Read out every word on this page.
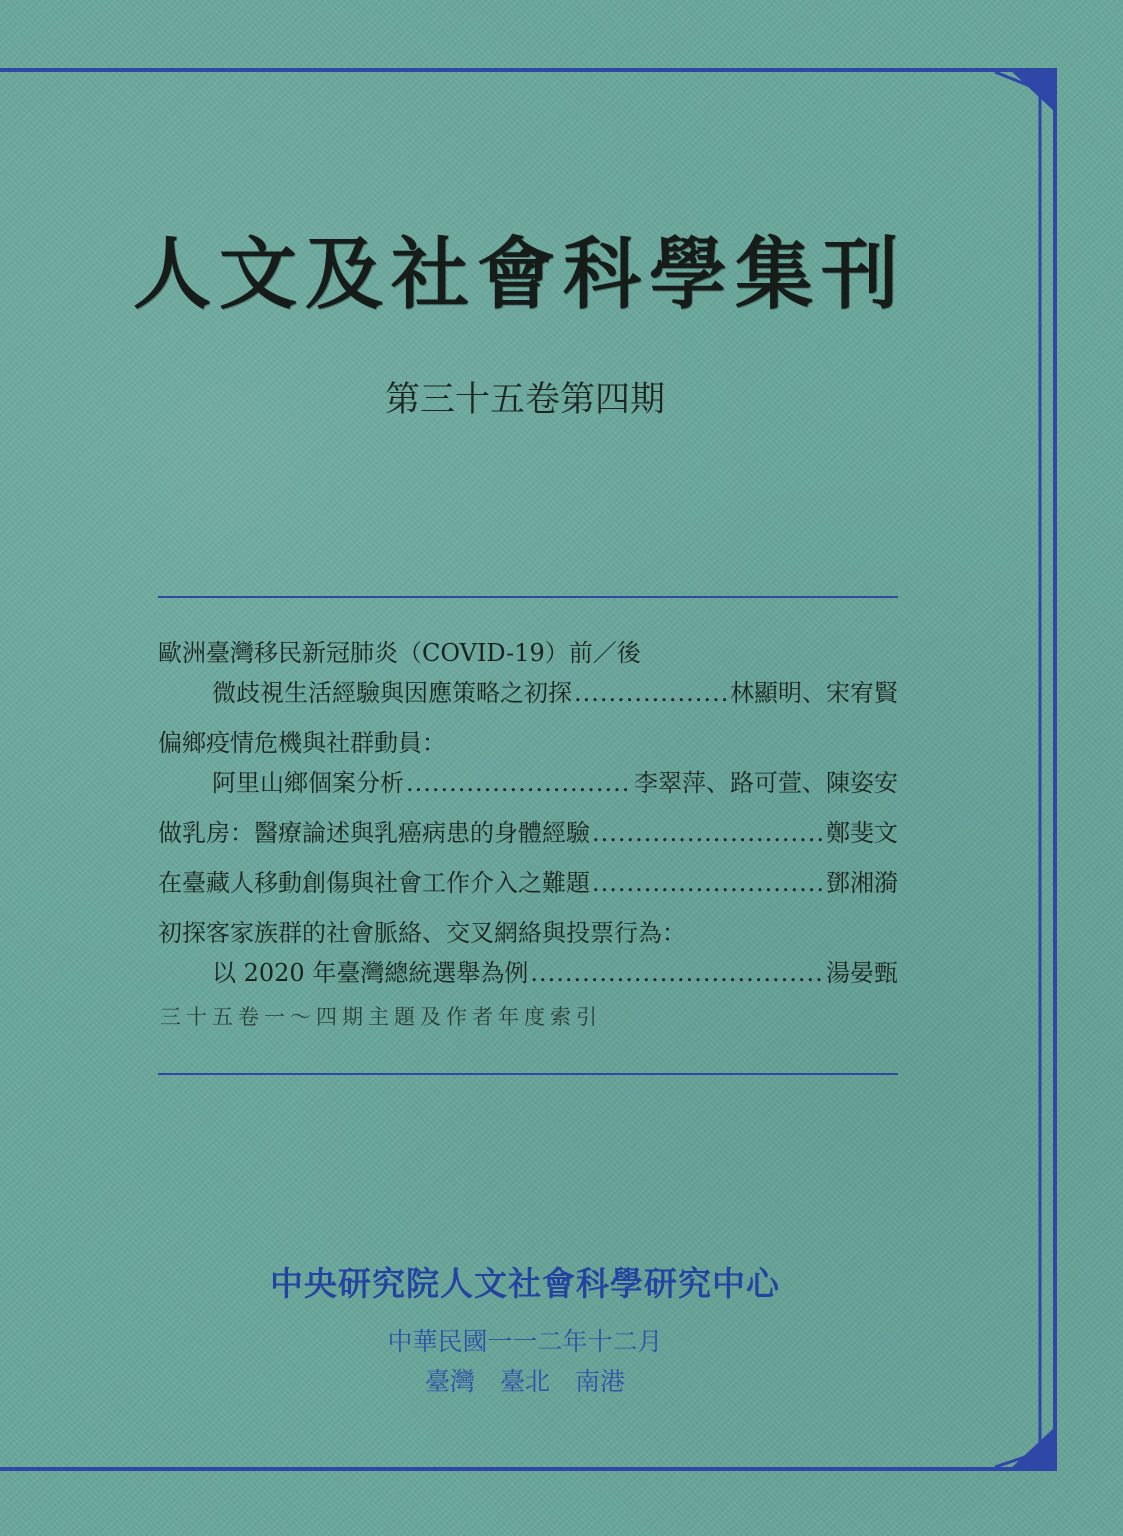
人文及社會科學集刊
第三十五卷第四期
歐洲臺灣移民新冠肺炎（COVID-19）前／後
微歧視生活經驗與因應策略之初探 .....	林顯明、宋宥賢
偏鄉疫情危機與社群動員：
阿里山鄉個案分析 .....	李翠萍、路可萱、陳姿安
做乳房：醫療論述與乳癌病患的身體經驗 .....	鄭斐文
在臺藏人移動創傷與社會工作介入之難題 .....	鄧湘漪
初探客家族群的社會脈絡、交叉網絡與投票行為：
以 2020 年臺灣總統選舉為例 .....	湯晏甄
三十五卷一～四期主題及作者年度索引
中央研究院人文社會科學研究中心
中華民國一一二年十二月
臺灣　臺北　南港
